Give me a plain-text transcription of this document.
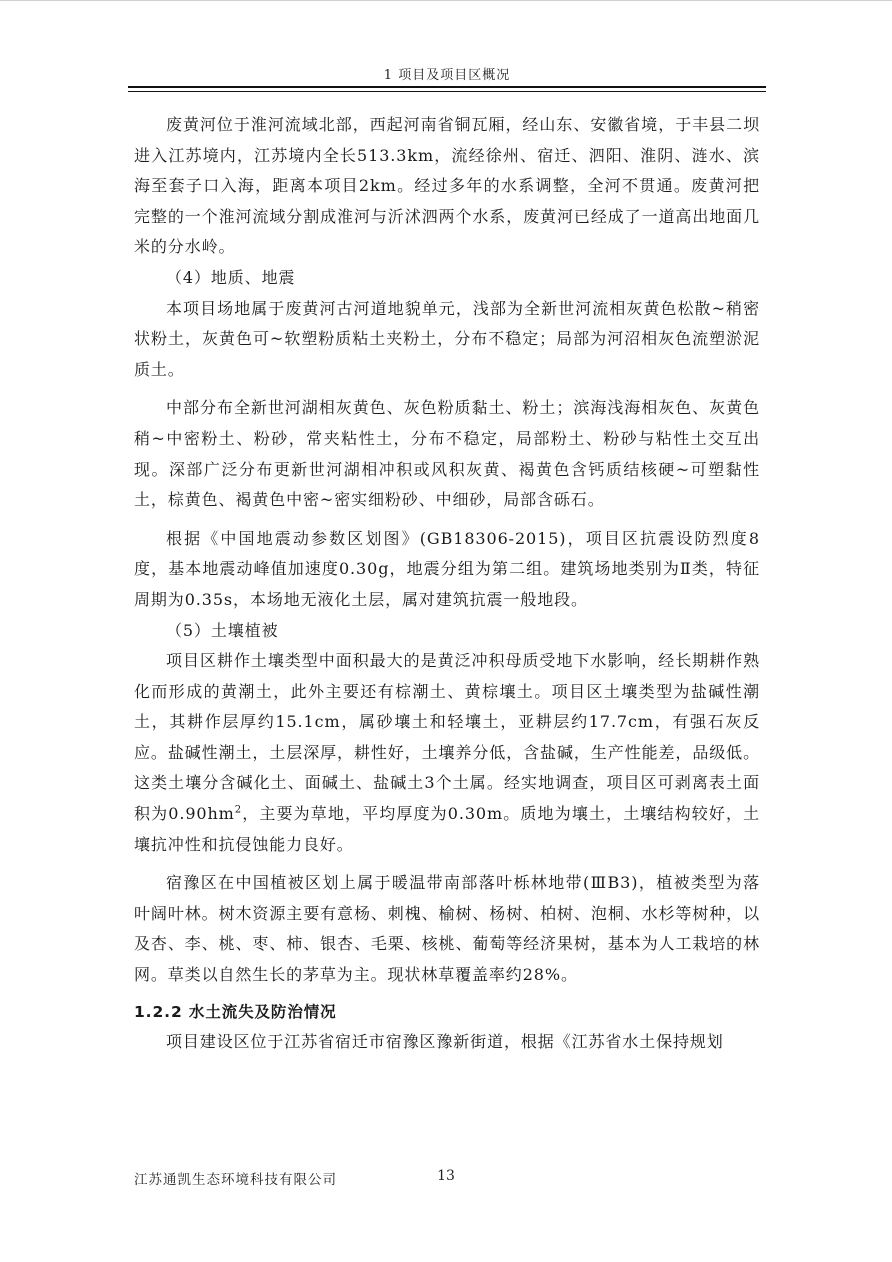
1 项目及项目区概况

废黄河位于淮河流域北部，西起河南省铜瓦厢，经山东、安徽省境，于丰县二坝进入江苏境内，江苏境内全长513.3km，流经徐州、宿迁、泗阳、淮阴、涟水、滨海至套子口入海，距离本项目2km。经过多年的水系调整，全河不贯通。废黄河把完整的一个淮河流域分割成淮河与沂沭泗两个水系，废黄河已经成了一道高出地面几米的分水岭。

（4）地质、地震

本项目场地属于废黄河古河道地貌单元，浅部为全新世河流相灰黄色松散~稍密状粉土，灰黄色可~软塑粉质粘土夹粉土，分布不稳定；局部为河沼相灰色流塑淤泥质土。

中部分布全新世河湖相灰黄色、灰色粉质黏土、粉土；滨海浅海相灰色、灰黄色稍~中密粉土、粉砂，常夹粘性土，分布不稳定，局部粉土、粉砂与粘性土交互出现。深部广泛分布更新世河湖相冲积或风积灰黄、褐黄色含钙质结核硬~可塑黏性土，棕黄色、褐黄色中密~密实细粉砂、中细砂，局部含砾石。

根据《中国地震动参数区划图》(GB18306-2015)，项目区抗震设防烈度8度，基本地震动峰值加速度0.30g，地震分组为第二组。建筑场地类别为Ⅱ类，特征周期为0.35s，本场地无液化土层，属对建筑抗震一般地段。

（5）土壤植被

项目区耕作土壤类型中面积最大的是黄泛冲积母质受地下水影响，经长期耕作熟化而形成的黄潮土，此外主要还有棕潮土、黄棕壤土。项目区土壤类型为盐碱性潮土，其耕作层厚约15.1cm，属砂壤土和轻壤土，亚耕层约17.7cm，有强石灰反应。盐碱性潮土，土层深厚，耕性好，土壤养分低，含盐碱，生产性能差，品级低。这类土壤分含碱化土、面碱土、盐碱土3个土属。经实地调查，项目区可剥离表土面积为$0.90hm^2$，主要为草地，平均厚度为0.30m。质地为壤土，土壤结构较好，土壤抗冲性和抗侵蚀能力良好。

宿豫区在中国植被区划上属于暖温带南部落叶栎林地带(ⅢB3)，植被类型为落叶阔叶林。树木资源主要有意杨、刺槐、榆树、杨树、柏树、泡桐、水杉等树种，以及杏、李、桃、枣、柿、银杏、毛栗、核桃、葡萄等经济果树，基本为人工栽培的林网。草类以自然生长的茅草为主。现状林草覆盖率约28%。

1.2.2 水土流失及防治情况

项目建设区位于江苏省宿迁市宿豫区豫新街道，根据《江苏省水土保持规划

江苏通凯生态环境科技有限公司	13
